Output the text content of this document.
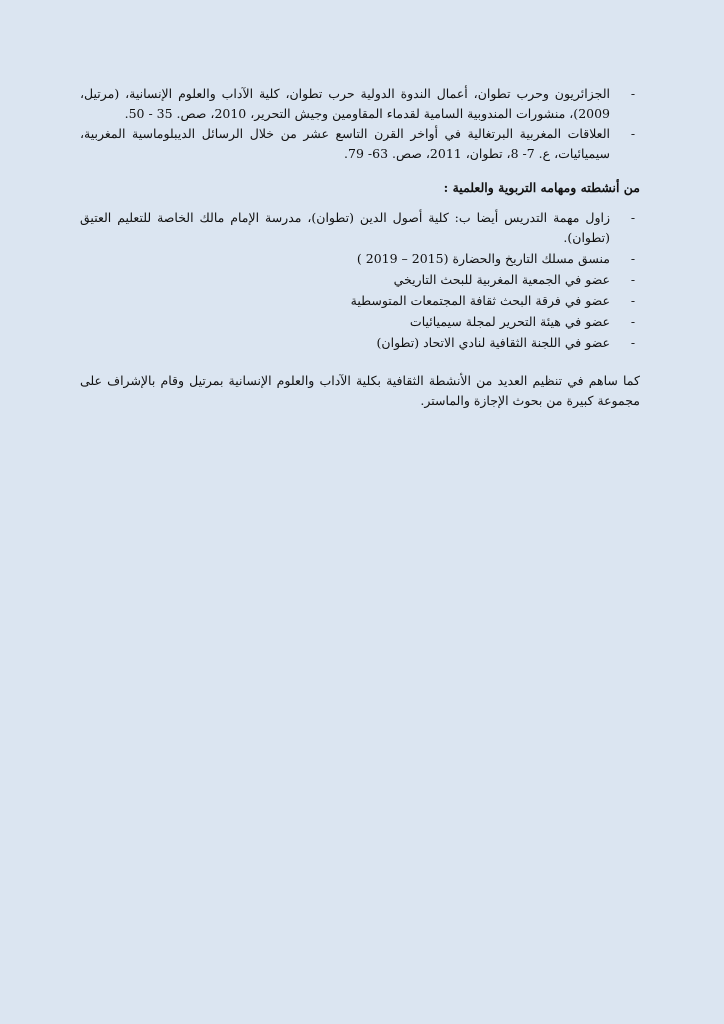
-
الجزائريون وحرب تطوان، أعمال الندوة الدولية حرب تطوان، كلية الآداب والعلوم الإنسانية، (مرتيل، 2009)، منشورات المندوبية السامية لقدماء المقاومين وجيش التحرير، 2010، صص. 35 - 50.
-
العلاقات المغربية البرتغالية في أواخر القرن التاسع عشر من خلال الرسائل الديبلوماسية المغربية، سيميائيات، ع. 7- 8، تطوان، 2011، صص. 63- 79.
من أنشطته ومهامه التربوية والعلمية :
-
زاول مهمة التدريس أيضا ب: كلية أصول الدين (تطوان)، مدرسة الإمام مالك الخاصة للتعليم العتيق (تطوان).
-
منسق مسلك التاريخ والحضارة (2015 – 2019 )
-
عضو في الجمعية المغربية للبحث التاريخي
-
عضو في فرقة البحث ثقافة المجتمعات المتوسطية
-
عضو في هيئة التحرير لمجلة سيميائيات
-
عضو في اللجنة الثقافية لنادي الاتحاد (تطوان)
كما ساهم في تنظيم العديد من الأنشطة الثقافية بكلية الآداب والعلوم الإنسانية بمرتيل وقام بالإشراف على مجموعة كبيرة من بحوث الإجازة والماستر.
